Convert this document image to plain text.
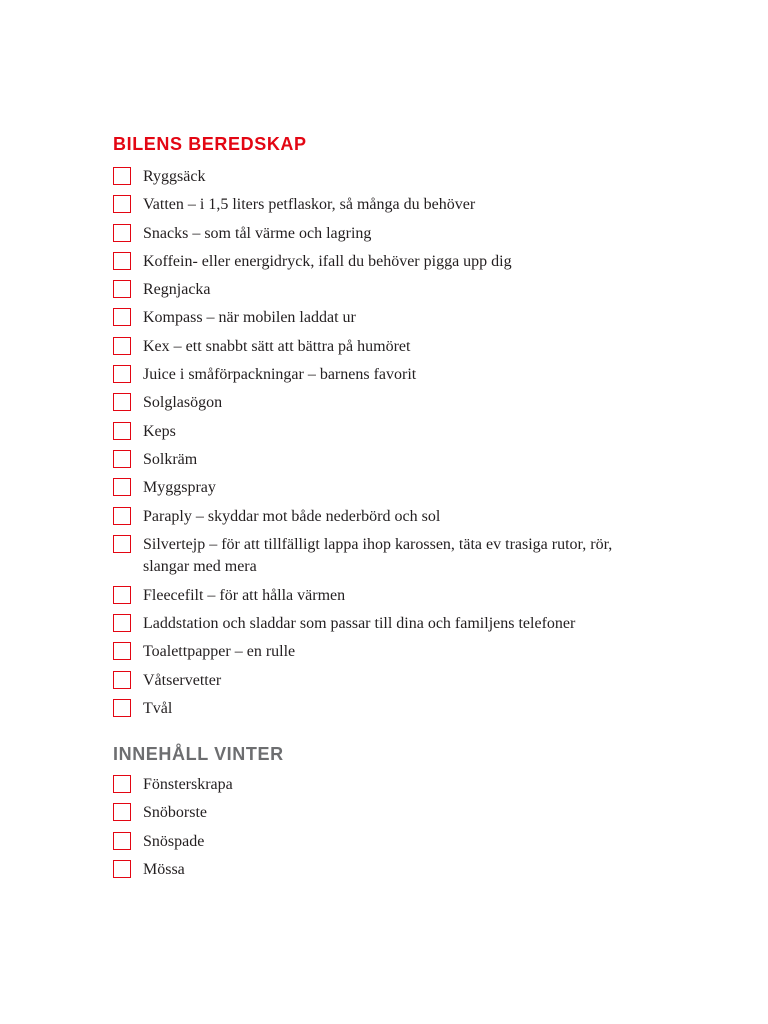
BILENS BEREDSKAP
Ryggsäck
Vatten – i 1,5 liters petflaskor, så många du behöver
Snacks – som tål värme och lagring
Koffein- eller energidryck, ifall du behöver pigga upp dig
Regnjacka
Kompass – när mobilen laddat ur
Kex – ett snabbt sätt att bättra på humöret
Juice i småförpackningar – barnens favorit
Solglasögon
Keps
Solkräm
Myggspray
Paraply – skyddar mot både nederbörd och sol
Silvertejp – för att tillfälligt lappa ihop karossen, täta ev trasiga rutor, rör, slangar med mera
Fleecefilt – för att hålla värmen
Laddstation och sladdar som passar till dina och familjens telefoner
Toalettpapper – en rulle
Våtservetter
Tvål
INNEHÅLL VINTER
Fönsterskrapa
Snöborste
Snöspade
Mössa
